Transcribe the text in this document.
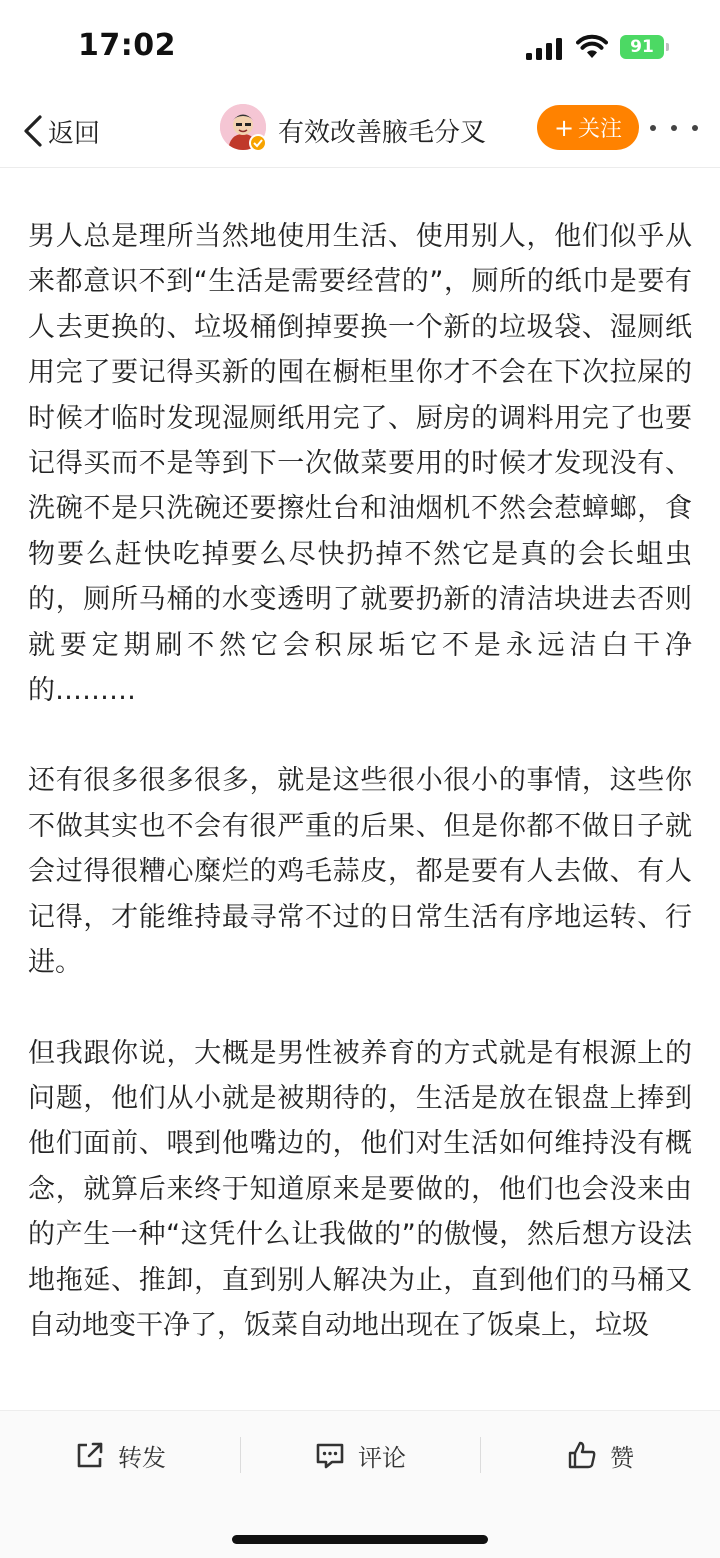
17:02	91
返回	有效改善腋毛分叉	+ 关注

男人总是理所当然地使用生活、使用别人，他们似乎从来都意识不到“生活是需要经营的”，厕所的纸巾是要有人去更换的、垃圾桶倒掉要换一个新的垃圾袋、湿厕纸用完了要记得买新的囤在橱柜里你才不会在下次拉屎的时候才临时发现湿厕纸用完了、厨房的调料用完了也要记得买而不是等到下一次做菜要用的时候才发现没有、洗碗不是只洗碗还要擦灶台和油烟机不然会惹蟑螂，食物要么赶快吃掉要么尽快扔掉不然它是真的会长蛆虫的，厕所马桶的水变透明了就要扔新的清洁块进去否则就要定期刷不然它会积尿垢它不是永远洁白干净的………

还有很多很多很多，就是这些很小很小的事情，这些你不做其实也不会有很严重的后果、但是你都不做日子就会过得很糟心糜烂的鸡毛蒜皮，都是要有人去做、有人记得，才能维持最寻常不过的日常生活有序地运转、行进。

但我跟你说，大概是男性被养育的方式就是有根源上的问题，他们从小就是被期待的，生活是放在银盘上捧到他们面前、喂到他嘴边的，他们对生活如何维持没有概念，就算后来终于知道原来是要做的，他们也会没来由的产生一种“这凭什么让我做的”的傲慢，然后想方设法地拖延、推卸，直到别人解决为止，直到他们的马桶又自动地变干净了，饭菜自动地出现在了饭桌上，垃圾

转发	评论	赞
